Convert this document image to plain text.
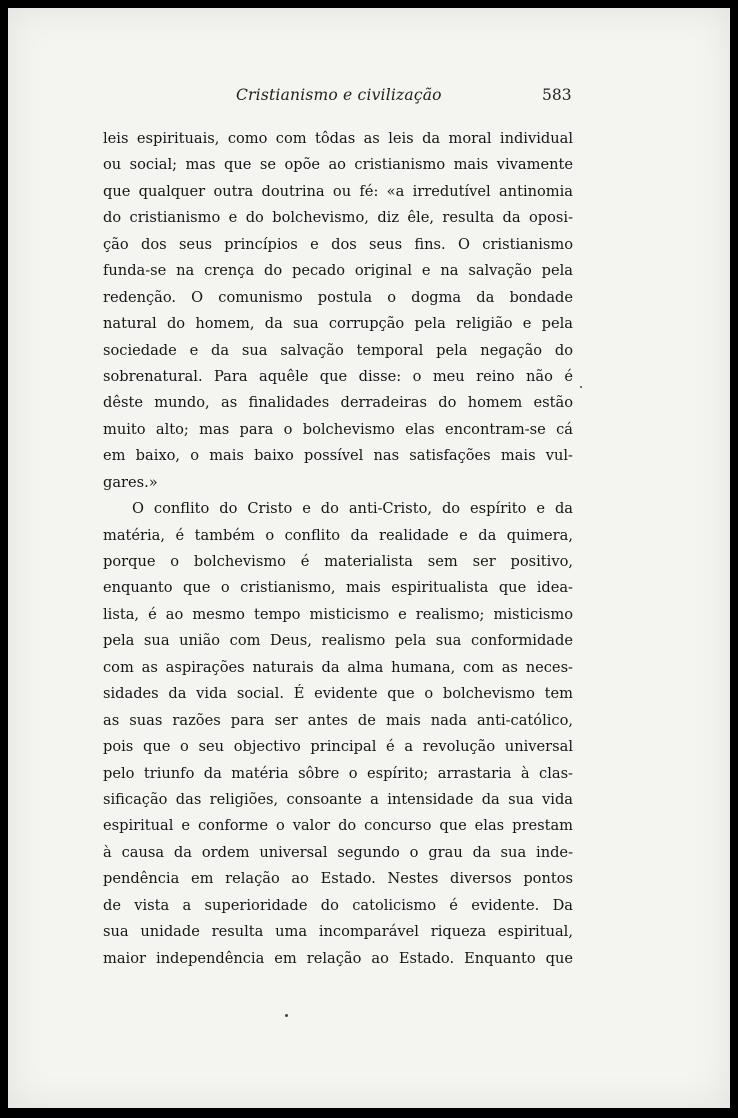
Cristianismo e civilização	583
leis espirituais, como com tôdas as leis da moral individual
ou social; mas que se opõe ao cristianismo mais vivamente
que qualquer outra doutrina ou fé: «a irredutível antinomia
do cristianismo e do bolchevismo, diz êle, resulta da oposi-
ção dos seus princípios e dos seus fins. O cristianismo
funda-se na crença do pecado original e na salvação pela
redenção. O comunismo postula o dogma da bondade
natural do homem, da sua corrupção pela religião e pela
sociedade e da sua salvação temporal pela negação do
sobrenatural. Para aquêle que disse: o meu reino não é
dêste mundo, as finalidades derradeiras do homem estão
muito alto; mas para o bolchevismo elas encontram-se cá
em baixo, o mais baixo possível nas satisfações mais vul-
gares.»
O conflito do Cristo e do anti-Cristo, do espírito e da
matéria, é também o conflito da realidade e da quimera,
porque o bolchevismo é materialista sem ser positivo,
enquanto que o cristianismo, mais espiritualista que idea-
lista, é ao mesmo tempo misticismo e realismo; misticismo
pela sua união com Deus, realismo pela sua conformidade
com as aspirações naturais da alma humana, com as neces-
sidades da vida social. É evidente que o bolchevismo tem
as suas razões para ser antes de mais nada anti-católico,
pois que o seu objectivo principal é a revolução universal
pelo triunfo da matéria sôbre o espírito; arrastaria à clas-
sificação das religiões, consoante a intensidade da sua vida
espiritual e conforme o valor do concurso que elas prestam
à causa da ordem universal segundo o grau da sua inde-
pendência em relação ao Estado. Nestes diversos pontos
de vista a superioridade do catolicismo é evidente. Da
sua unidade resulta uma incomparável riqueza espiritual,
maior independência em relação ao Estado. Enquanto que
